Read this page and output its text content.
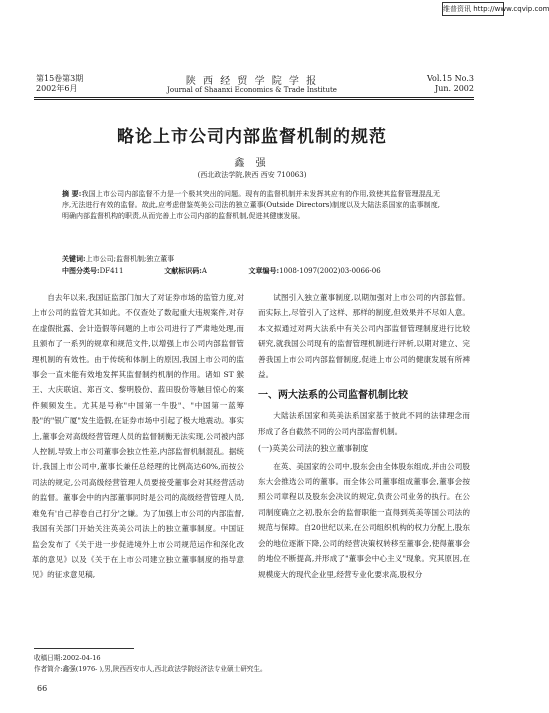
维普资讯 http://www.cqvip.com
第15卷第3期
2002年6月
陕 西 经 贸 学 院 学 报
Journal of Shaanxi Economics & Trade Institute
Vol.15 No.3
Jun. 2002
略论上市公司内部监督机制的规范
鑫 强
(西北政法学院,陕西 西安 710063)
摘 要:我国上市公司内部监督不力是一个极其突出的问题。现有的监督机制并未发挥其应有的作用,致使其监督管理混乱无序,无法进行有效的监督。故此,应考虑借鉴英美公司法的独立董事(Outside Directors)制度以及大陆法系国家的监事制度,明确内部监督机构的职责,从而完善上市公司内部的监督机制,促进其健康发展。
关键词:上市公司;监督机制;独立董事
中图分类号:DF411	文献标识码:A	文章编号:1008-1097(2002)03-0066-06

自去年以来,我国证监部门加大了对证券市场的监管力度,对上市公司的监管尤其如此。不仅查处了数起重大违规案件,对存在虚假批露、会计造假等问题的上市公司进行了严肃地处理,而且颁布了一系列的规章和规范文件,以增强上市公司内部监督管理机制的有效性。由于传统和体制上的原因,我国上市公司的监事会一直未能有效地发挥其监督制约机制的作用。诸如 ST 猴王、大庆联谊、郑百文、黎明股份、蓝田股份等触目惊心的案件频频发生。尤其是号称"中国第一牛股"、"中国第一蓝筹股"的"银广厦"发生造假,在证券市场中引起了极大地震动。事实上,董事会对高级经营管理人员的监督制衡无法实现,公司被内部人控制,导致上市公司董事会独立性差,内部监督机制混乱。据统计,我国上市公司中,董事长兼任总经理的比例高达60%,而按公司法的规定,公司高级经营管理人员要接受董事会对其经营活动的监督。董事会中的内部董事同时是公司的高级经营管理人员,难免有'自己荐卷自己打分'之嫌。为了加强上市公司的内部监督,我国有关部门开始关注英美公司法上的独立董事制度。中国证监会发布了《关于进一步促进境外上市公司规范运作和深化改革的意见》以及《关于在上市公司建立独立董事制度的指导意见》的征求意见稿,

试图引入独立董事制度,以期加强对上市公司的内部监督。而实际上,尽管引入了这样、那样的制度,但效果并不尽如人意。本文拟通过对两大法系中有关公司内部监督管理制度进行比较研究,就我国公司现有的监督管理机制进行评析,以期对建立、完善我国上市公司内部监督制度,促进上市公司的健康发展有所裨益。

一、两大法系的公司监督机制比较

大陆法系国家和英美法系国家基于彼此不同的法律理念而形成了各自截然不同的公司内部监督机制。

(一)英美公司法的独立董事制度

在英、美国家的公司中,股东会由全体股东组成,并由公司股东大会推选公司的董事。而全体公司董事组成董事会,董事会按照公司章程以及股东会决议的规定,负责公司业务的执行。在公司制度确立之初,股东会的监督职能一直得到英美等国公司法的规范与保障。自20世纪以来,在公司组织机构的权力分配上,股东会的地位逐渐下降,公司的经营决策权转移至董事会,使得董事会的地位不断提高,并形成了"董事会中心主义"现象。究其原因,在规模庞大的现代企业里,经营专业化要求高,股权分

收稿日期:2002-04-16
作者简介:鑫强(1976- ),男,陕西西安市人,西北政法学院经济法专业硕士研究生。
66
